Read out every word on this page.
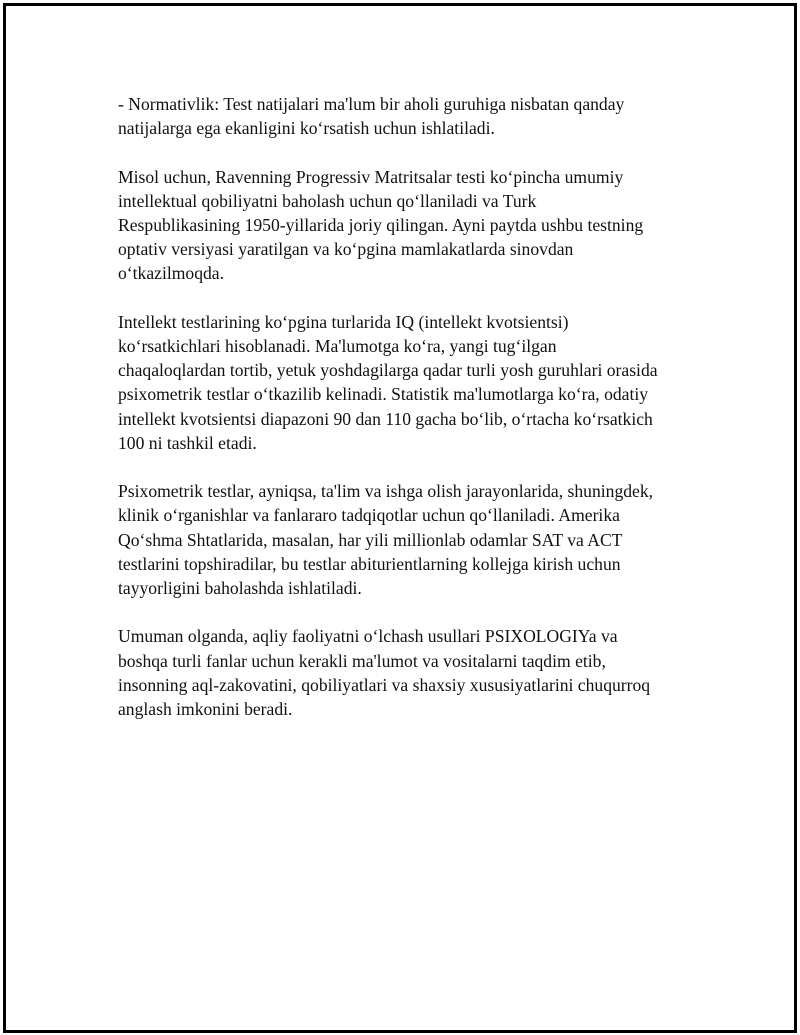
- Normativlik: Test natijalari ma'lum bir aholi guruhiga nisbatan qanday
natijalarga ega ekanligini koʻrsatish uchun ishlatiladi.

Misol uchun, Ravenning Progressiv Matritsalar testi koʻpincha umumiy
intellektual qobiliyatni baholash uchun qoʻllaniladi va Turk
Respublikasining 1950-yillarida joriy qilingan. Ayni paytda ushbu testning
optativ versiyasi yaratilgan va koʻpgina mamlakatlarda sinovdan
oʻtkazilmoqda.

Intellekt testlarining koʻpgina turlarida IQ (intellekt kvotsientsi)
koʻrsatkichlari hisoblanadi. Ma'lumotga koʻra, yangi tugʻilgan
chaqaloqlardan tortib, yetuk yoshdagilarga qadar turli yosh guruhlari orasida
psixometrik testlar oʻtkazilib kelinadi. Statistik ma'lumotlarga koʻra, odatiy
intellekt kvotsientsi diapazoni 90 dan 110 gacha boʻlib, oʻrtacha koʻrsatkich
100 ni tashkil etadi.

Psixometrik testlar, ayniqsa, ta'lim va ishga olish jarayonlarida, shuningdek,
klinik oʻrganishlar va fanlararo tadqiqotlar uchun qoʻllaniladi. Amerika
Qoʻshma Shtatlarida, masalan, har yili millionlab odamlar SAT va ACT
testlarini topshiradilar, bu testlar abiturientlarning kollejga kirish uchun
tayyorligini baholashda ishlatiladi.

Umuman olganda, aqliy faoliyatni oʻlchash usullari PSIXOLOGIYa va
boshqa turli fanlar uchun kerakli ma'lumot va vositalarni taqdim etib,
insonning aql-zakovatini, qobiliyatlari va shaxsiy xususiyatlarini chuqurroq
anglash imkonini beradi.
